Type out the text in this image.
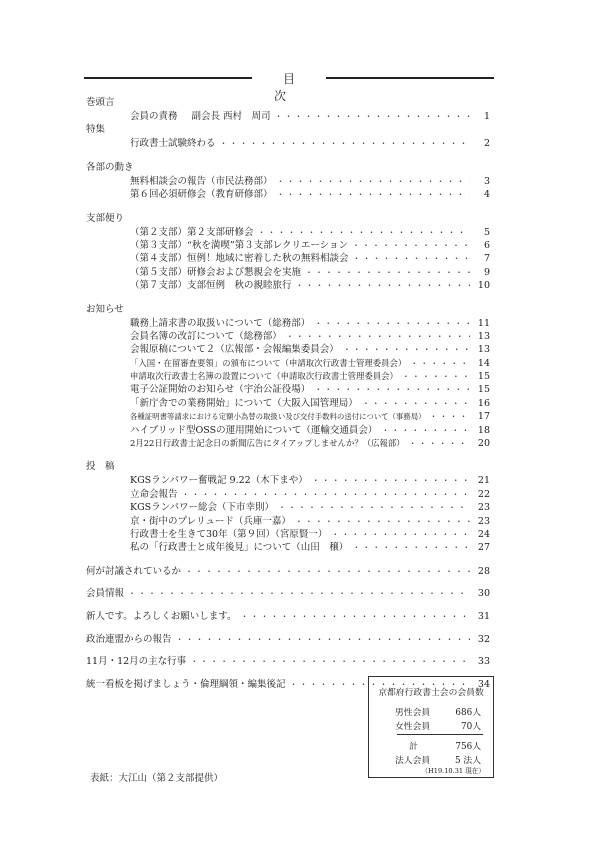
目　次
巻頭言
会員の責務 副会長 西村　周司 ・・・・・・・・・・・・・・・・・・・・・・・・・・・・・・・・・・・・・・・・・・・・・・・・・・・・・・・・・・・・・・	1
特集
行政書士試験終わる ・・・・・・・・・・・・・・・・・・・・・・・・・・・・・・・・・・・・・・・・・・・・・・・・・・・・・・・・・・・・・・	2
各部の動き
無料相談会の報告（市民法務部） ・・・・・・・・・・・・・・・・・・・・・・・・・・・・・・・・・・・・・・・・・・・・・・・・・・・・・・・・・・・・・・	3
第６回必須研修会（教育研修部） ・・・・・・・・・・・・・・・・・・・・・・・・・・・・・・・・・・・・・・・・・・・・・・・・・・・・・・・・・・・・・・	4
支部便り
（第２支部）第２支部研修会 ・・・・・・・・・・・・・・・・・・・・・・・・・・・・・・・・・・・・・・・・・・・・・・・・・・・・・・・・・・・・・・	5
（第３支部）“秋を満喫”第３支部レクリエーション ・・・・・・・・・・・・・・・・・・・・・・・・・・・・・・・・・・・・・・・・・・・・・・・・・・・・・・・・・・・・・・	6
（第４支部）恒例！地域に密着した秋の無料相談会 ・・・・・・・・・・・・・・・・・・・・・・・・・・・・・・・・・・・・・・・・・・・・・・・・・・・・・・・・・・・・・・	7
（第５支部）研修会および懇親会を実施 ・・・・・・・・・・・・・・・・・・・・・・・・・・・・・・・・・・・・・・・・・・・・・・・・・・・・・・・・・・・・・・	9
（第７支部）支部恒例　秋の親睦旅行 ・・・・・・・・・・・・・・・・・・・・・・・・・・・・・・・・・・・・・・・・・・・・・・・・・・・・・・・・・・・・・・	10
お知らせ
職務上請求書の取扱いについて（総務部） ・・・・・・・・・・・・・・・・・・・・・・・・・・・・・・・・・・・・・・・・・・・・・・・・・・・・・・・・・・・・・・	11
会員名簿の改訂について（総務部） ・・・・・・・・・・・・・・・・・・・・・・・・・・・・・・・・・・・・・・・・・・・・・・・・・・・・・・・・・・・・・・	13
会報原稿について２（広報部・会報編集委員会） ・・・・・・・・・・・・・・・・・・・・・・・・・・・・・・・・・・・・・・・・・・・・・・・・・・・・・・・・・・・・・・	13
「入国・在留審査要領」の頒布について（申請取次行政書士管理委員会） ・・・・・・・・・・・・・・・・・・・・・・・・・・・・・・・・・・・・・・・・・・・・・・・・・・・・・・・・・・・・・・	14
申請取次行政書士名簿の設置について（申請取次行政書士管理委員会） ・・・・・・・・・・・・・・・・・・・・・・・・・・・・・・・・・・・・・・・・・・・・・・・・・・・・・・・・・・・・・・	15
電子公証開始のお知らせ（宇治公証役場） ・・・・・・・・・・・・・・・・・・・・・・・・・・・・・・・・・・・・・・・・・・・・・・・・・・・・・・・・・・・・・・	15
「新庁舎での業務開始」について（大阪入国管理局） ・・・・・・・・・・・・・・・・・・・・・・・・・・・・・・・・・・・・・・・・・・・・・・・・・・・・・・・・・・・・・・	16
各種証明書等請求における定額小為替の取扱い及び交付手数料の送付について（事務局） ・・・・・・・・・・・・・・・・・・・・・・・・・・・・・・・・・・・・・・・・・・・・・・・・・・・・・・・・・・・・・・	17
ハイブリッド型OSSの運用開始について（運輸交通員会） ・・・・・・・・・・・・・・・・・・・・・・・・・・・・・・・・・・・・・・・・・・・・・・・・・・・・・・・・・・・・・・	18
2月22日行政書士記念日の新聞広告にタイアップしませんか？（広報部） ・・・・・・・・・・・・・・・・・・・・・・・・・・・・・・・・・・・・・・・・・・・・・・・・・・・・・・・・・・・・・・	20
投　稿
KGSランパワー奮戦記 9.22（木下まや） ・・・・・・・・・・・・・・・・・・・・・・・・・・・・・・・・・・・・・・・・・・・・・・・・・・・・・・・・・・・・・・	21
立命会報告 ・・・・・・・・・・・・・・・・・・・・・・・・・・・・・・・・・・・・・・・・・・・・・・・・・・・・・・・・・・・・・・	22
KGSランパワー総会（下市幸則） ・・・・・・・・・・・・・・・・・・・・・・・・・・・・・・・・・・・・・・・・・・・・・・・・・・・・・・・・・・・・・・	23
京・街中のプレリュード（兵庫一嘉） ・・・・・・・・・・・・・・・・・・・・・・・・・・・・・・・・・・・・・・・・・・・・・・・・・・・・・・・・・・・・・・	23
行政書士を生きて30年（第９回）（宮原賢一） ・・・・・・・・・・・・・・・・・・・・・・・・・・・・・・・・・・・・・・・・・・・・・・・・・・・・・・・・・・・・・・	24
私の「行政書士と成年後見」について（山田　穣） ・・・・・・・・・・・・・・・・・・・・・・・・・・・・・・・・・・・・・・・・・・・・・・・・・・・・・・・・・・・・・・	27
何が討議されているか ・・・・・・・・・・・・・・・・・・・・・・・・・・・・・・・・・・・・・・・・・・・・・・・・・・・・・・・・・・・・・・	28
会員情報 ・・・・・・・・・・・・・・・・・・・・・・・・・・・・・・・・・・・・・・・・・・・・・・・・・・・・・・・・・・・・・・	30
新人です。よろしくお願いします。 ・・・・・・・・・・・・・・・・・・・・・・・・・・・・・・・・・・・・・・・・・・・・・・・・・・・・・・・・・・・・・・	31
政治連盟からの報告 ・・・・・・・・・・・・・・・・・・・・・・・・・・・・・・・・・・・・・・・・・・・・・・・・・・・・・・・・・・・・・・	32
11月・12月の主な行事 ・・・・・・・・・・・・・・・・・・・・・・・・・・・・・・・・・・・・・・・・・・・・・・・・・・・・・・・・・・・・・・	33
統一看板を掲げましょう・倫理綱領・編集後記 ・・・・・・・・・・・・・・・・・・・・・・・・・・・・・・・・・・・・・・・・・・・・・・・・・・・・・・・・・・・・・・	34
京都府行政書士会の会員数
男性会員	686人
女性会員	70人
計	756人
法人会員	5 法人
（H19.10.31 現在）
表紙：大江山（第２支部提供）
